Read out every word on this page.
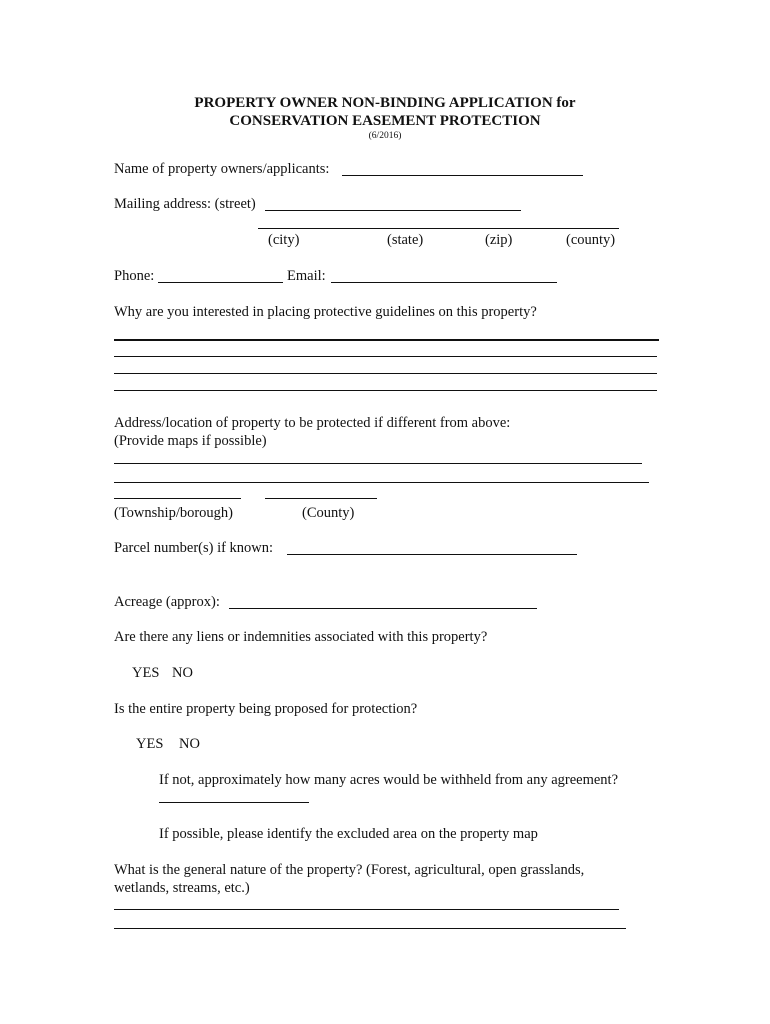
PROPERTY OWNER NON-BINDING APPLICATION for
CONSERVATION EASEMENT PROTECTION
(6/2016)
Name of property owners/applicants:
Mailing address: (street)
(city)	(state)	(zip)	(county)
Phone:	Email:
Why are you interested in placing protective guidelines on this property?
Address/location of property to be protected if different from above:
(Provide maps if possible)
(Township/borough)	(County)
Parcel number(s) if known:
Acreage (approx):
Are there any liens or indemnities associated with this property?
YES NO
Is the entire property being proposed for protection?
YES NO
If not, approximately how many acres would be withheld from any agreement?
If possible, please identify the excluded area on the property map
What is the general nature of the property? (Forest, agricultural, open grasslands,
wetlands, streams, etc.)
